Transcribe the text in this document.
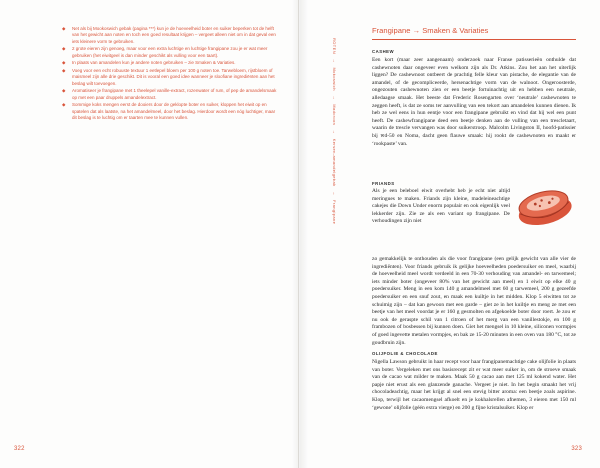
◆ Net als bij Mookoswich gebak (pagina ***) kun je de hoeveelheid boter en suiker beperken tot de helft van het gewicht aan noten en toch een goed resultaat krijgen – vergeet alleen niet om in dat geval een iets kleinere vorm te gebruiken.
◆ 2 grote eieren zijn genoeg, maar voor een extra luchtige en luchtige frangipane zou je er wat meer gebruiken (het eiwitgeel is dan minder geschikt als vulling voor een taart).
◆ In plaats van amandelen kun je andere noten gebruiken – zie Smaken & Variaties.
◆ Voeg voor een echt robuuste textuur 1 eetlepel bloem per 100 g noten toe. Tarwebloem, rijstbloem of maismeel zijn alle drie geschikt. Dit is vooral een goed idee wanneer je sloofiane ingrediënten aan het beslag wilt toevoegen.
◆ Aromatiseer je frangipane met 1 theelepel vanille-extract, rozenwater of rum, of pep de amandelsmaak op met een paar druppels amandelextract.
◆ Sommige koks mengen eerst de dooiers door de geklopte boter en suiker, kloppen het eiwit op en spatelen dat als laatste, na het amandelmeel, door het beslag. Hierdoor wordt een nóg luchtiger, maar dit beslag is te luchtig om er taarten mee te kunnen vullen.
322
ROTEN → Mokoswich → Madcroon → Kersen-amandelgebak → Frangipane
Frangipane → Smaken & Variaties
CASHEW
Een kort (maar zeer aangenaam) onderzoek naar Franse patisserieën onthulde dat cashewnoten daar ongeveer even welkom zijn als Dr. Atkins. Zou het aan het uiterlijk liggen? De cashewnoot ontbeert de prachtig felle kleur van pistache, de elegantie van de amandel, of de gecompliceerde, hersenachtige vorm van de walnoot. Ongeroosterde, ongezouten cashewnoten zien er een beetje fortuinachtig uit en hebben een neutrale, alledaagse smaak. Het beeste dat Frederic Rosengarten over ‘neutrale’ cashewnoten te zeggen heeft, is dat ze soms ter aanvulling van een tekort aan amandelen kunnen dienen. Ik heb ze wel eens in hun eentje voor een frangipane gebruikt en vind dat hij wel een punt heeft. De cashewfrangipane deed een beetje denken aan de vulling van een trescletaart, waarin de trescle vervangen was door suikerstroop. Malcolm Livingston II, hoofd-patissier bij w̅d-50 en Noma, dacht geen flauwe smaak: hij rookt de cashewnoten en maakt er ‘rookpaste’ van.
FRIANDS
Als je een beleboel eiwit overhebt heb je echt niet altijd meringues te maken. Friands zijn kleine, madeleineachtige cakejes die Down Under enorm populair en ook eigenlijk veel lekkerder zijn. Zie ze als een variant op frangipane. De verhoudingen zijn niet
zo gemakkelijk te onthouden als die voor frangipane (een gelijk gewicht van alle vier de ingrediënten). Voor friands gebruik ik gelijke hoeveelheden poedersuiker en meel, waarbij de hoeveelheid meel wordt verdeeld in een 70-30 verhouding van amandel- en tarwemeel; iets minder boter (ongeveer 80% van het gewicht aan meel) en 1 eiwit op elke 40 g poedersuiker. Meng in een kom 140 g amandelmeel met 60 g tarwemeel, 200 g gezeefde poedersuiker en een snuf zout, en maak een kuiltje in het midden. Klop 5 eiwitten tot ze schuimig zijn – dat kan gewoon met een garde – giet ze in het kuiltje en meng ze met een beetje van het meel voordat je er 160 g gesmolten en afgekoelde boter door roert. Je zou er nu ook de geraspte schil van 1 citroen of het merg van een vanillestokje, en 100 g frambozen of bosbessen bij kunnen doen. Giet het mengsel in 10 kleine, siliconen vormpjes of goed ingevette metalen vormpjes, en bak ze 15-20 minuten in een oven van 180 °C, tot ze goudbruin zijn.
OLIJFOLIE & CHOCOLADE
Nigella Lawson gebruikt in haar recept voor haar frangipanemachtige cake olijfolie in plaats van boter. Vergeleken met ons basisrecept zit er wat meer suiker in, om de stroeve smaak van de cacao wat milder te maken. Maak 50 g cacao aan met 125 ml kokend water. Het papje niet erust als een glanzende ganache. Vergeet je niet. In het begin smaakt het vrij chocoladeachtig, maar het krijgt al snel een stevig bitter aroma: een beetje zoals aspirine. Klop, terwijl het cacaomengsel afkoelt en je kokhalsrellen afnemen, 3 eieren met 150 ml ‘gewone’ olijfolie (géén extra vierge) en 200 g fijne kristalsuiker. Klop er
323
